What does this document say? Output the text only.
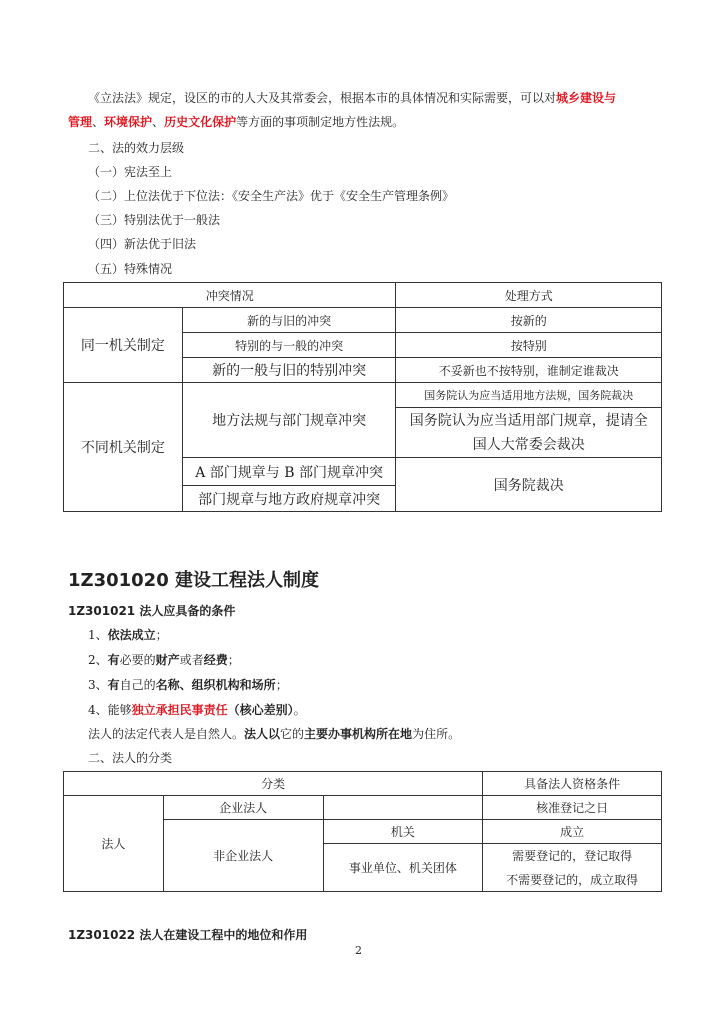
《立法法》规定，设区的市的人大及其常委会，根据本市的具体情况和实际需要，可以对城乡建设与
管理、环境保护、历史文化保护等方面的事项制定地方性法规。
二、法的效力层级
（一）宪法至上
（二）上位法优于下位法：《安全生产法》优于《安全生产管理条例》
（三）特别法优于一般法
（四）新法优于旧法
（五）特殊情况
冲突情况		处理方式
同一机关制定	新的与旧的冲突	按新的
	特别的与一般的冲突	按特别
	新的一般与旧的特别冲突	不妥新也不按特别，谁制定谁裁决
不同机关制定	地方法规与部门规章冲突	国务院认为应当适用地方法规，国务院裁决
		国务院认为应当适用部门规章，提请全国人大常委会裁决
	A 部门规章与 B 部门规章冲突	国务院裁决
	部门规章与地方政府规章冲突	
1Z301020 建设工程法人制度
1Z301021 法人应具备的条件
1、依法成立；
2、有必要的财产或者经费；
3、有自己的名称、组织机构和场所；
4、能够独立承担民事责任（核心差别）。
法人的法定代表人是自然人。法人以它的主要办事机构所在地为住所。
二、法人的分类
分类			具备法人资格条件
法人	企业法人		核准登记之日
	非企业法人	机关	成立
		事业单位、机关团体	需要登记的，登记取得
			不需要登记的，成立取得
1Z301022 法人在建设工程中的地位和作用
2
